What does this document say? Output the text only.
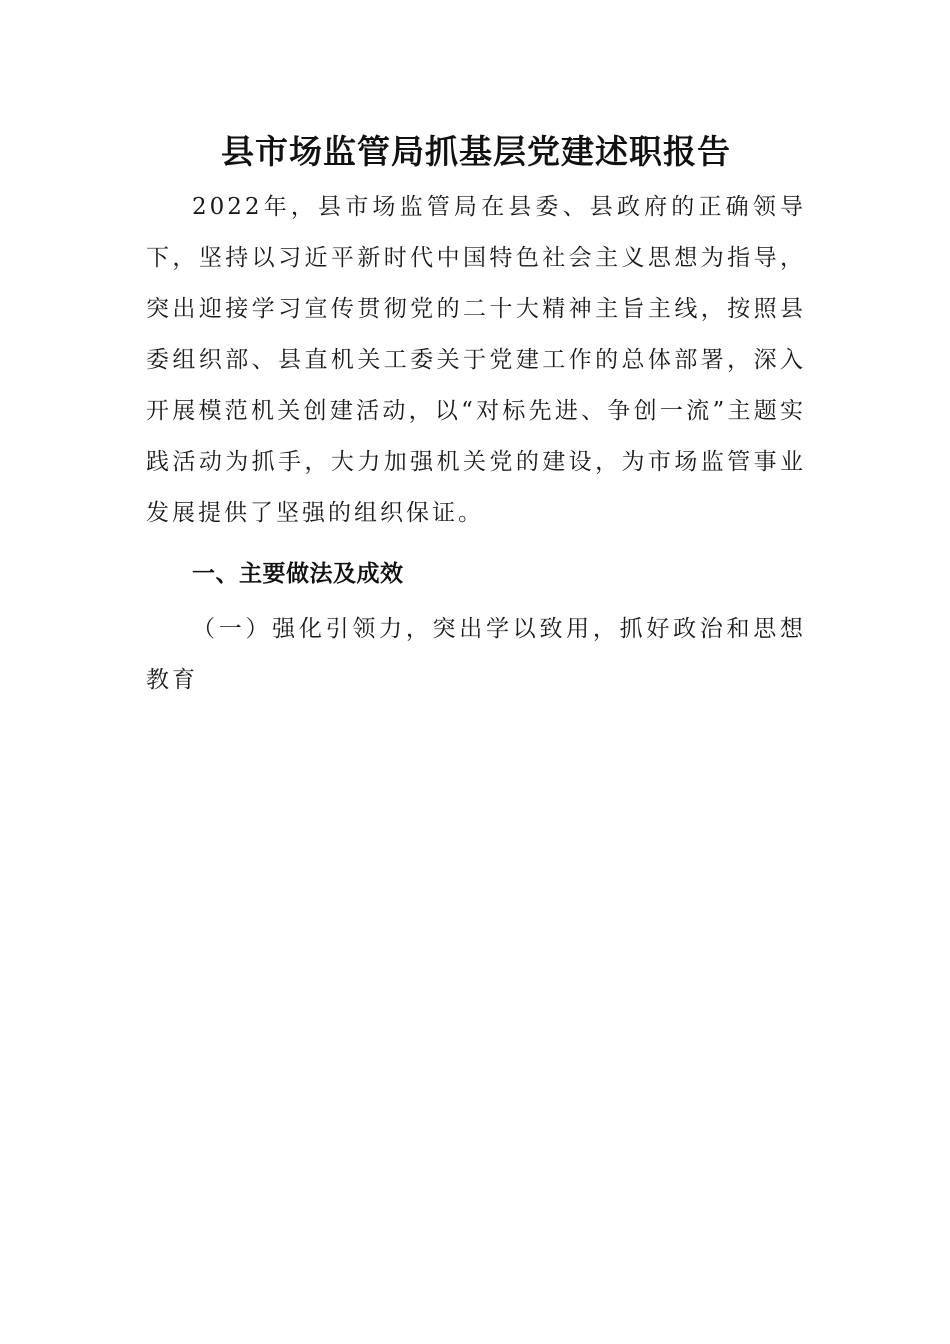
县市场监管局抓基层党建述职报告

2022年，县市场监管局在县委、县政府的正确领导下，坚持以习近平新时代中国特色社会主义思想为指导，突出迎接学习宣传贯彻党的二十大精神主旨主线，按照县委组织部、县直机关工委关于党建工作的总体部署，深入开展模范机关创建活动，以“对标先进、争创一流”主题实践活动为抓手，大力加强机关党的建设，为市场监管事业发展提供了坚强的组织保证。

一、主要做法及成效

（一）强化引领力，突出学以致用，抓好政治和思想教育
